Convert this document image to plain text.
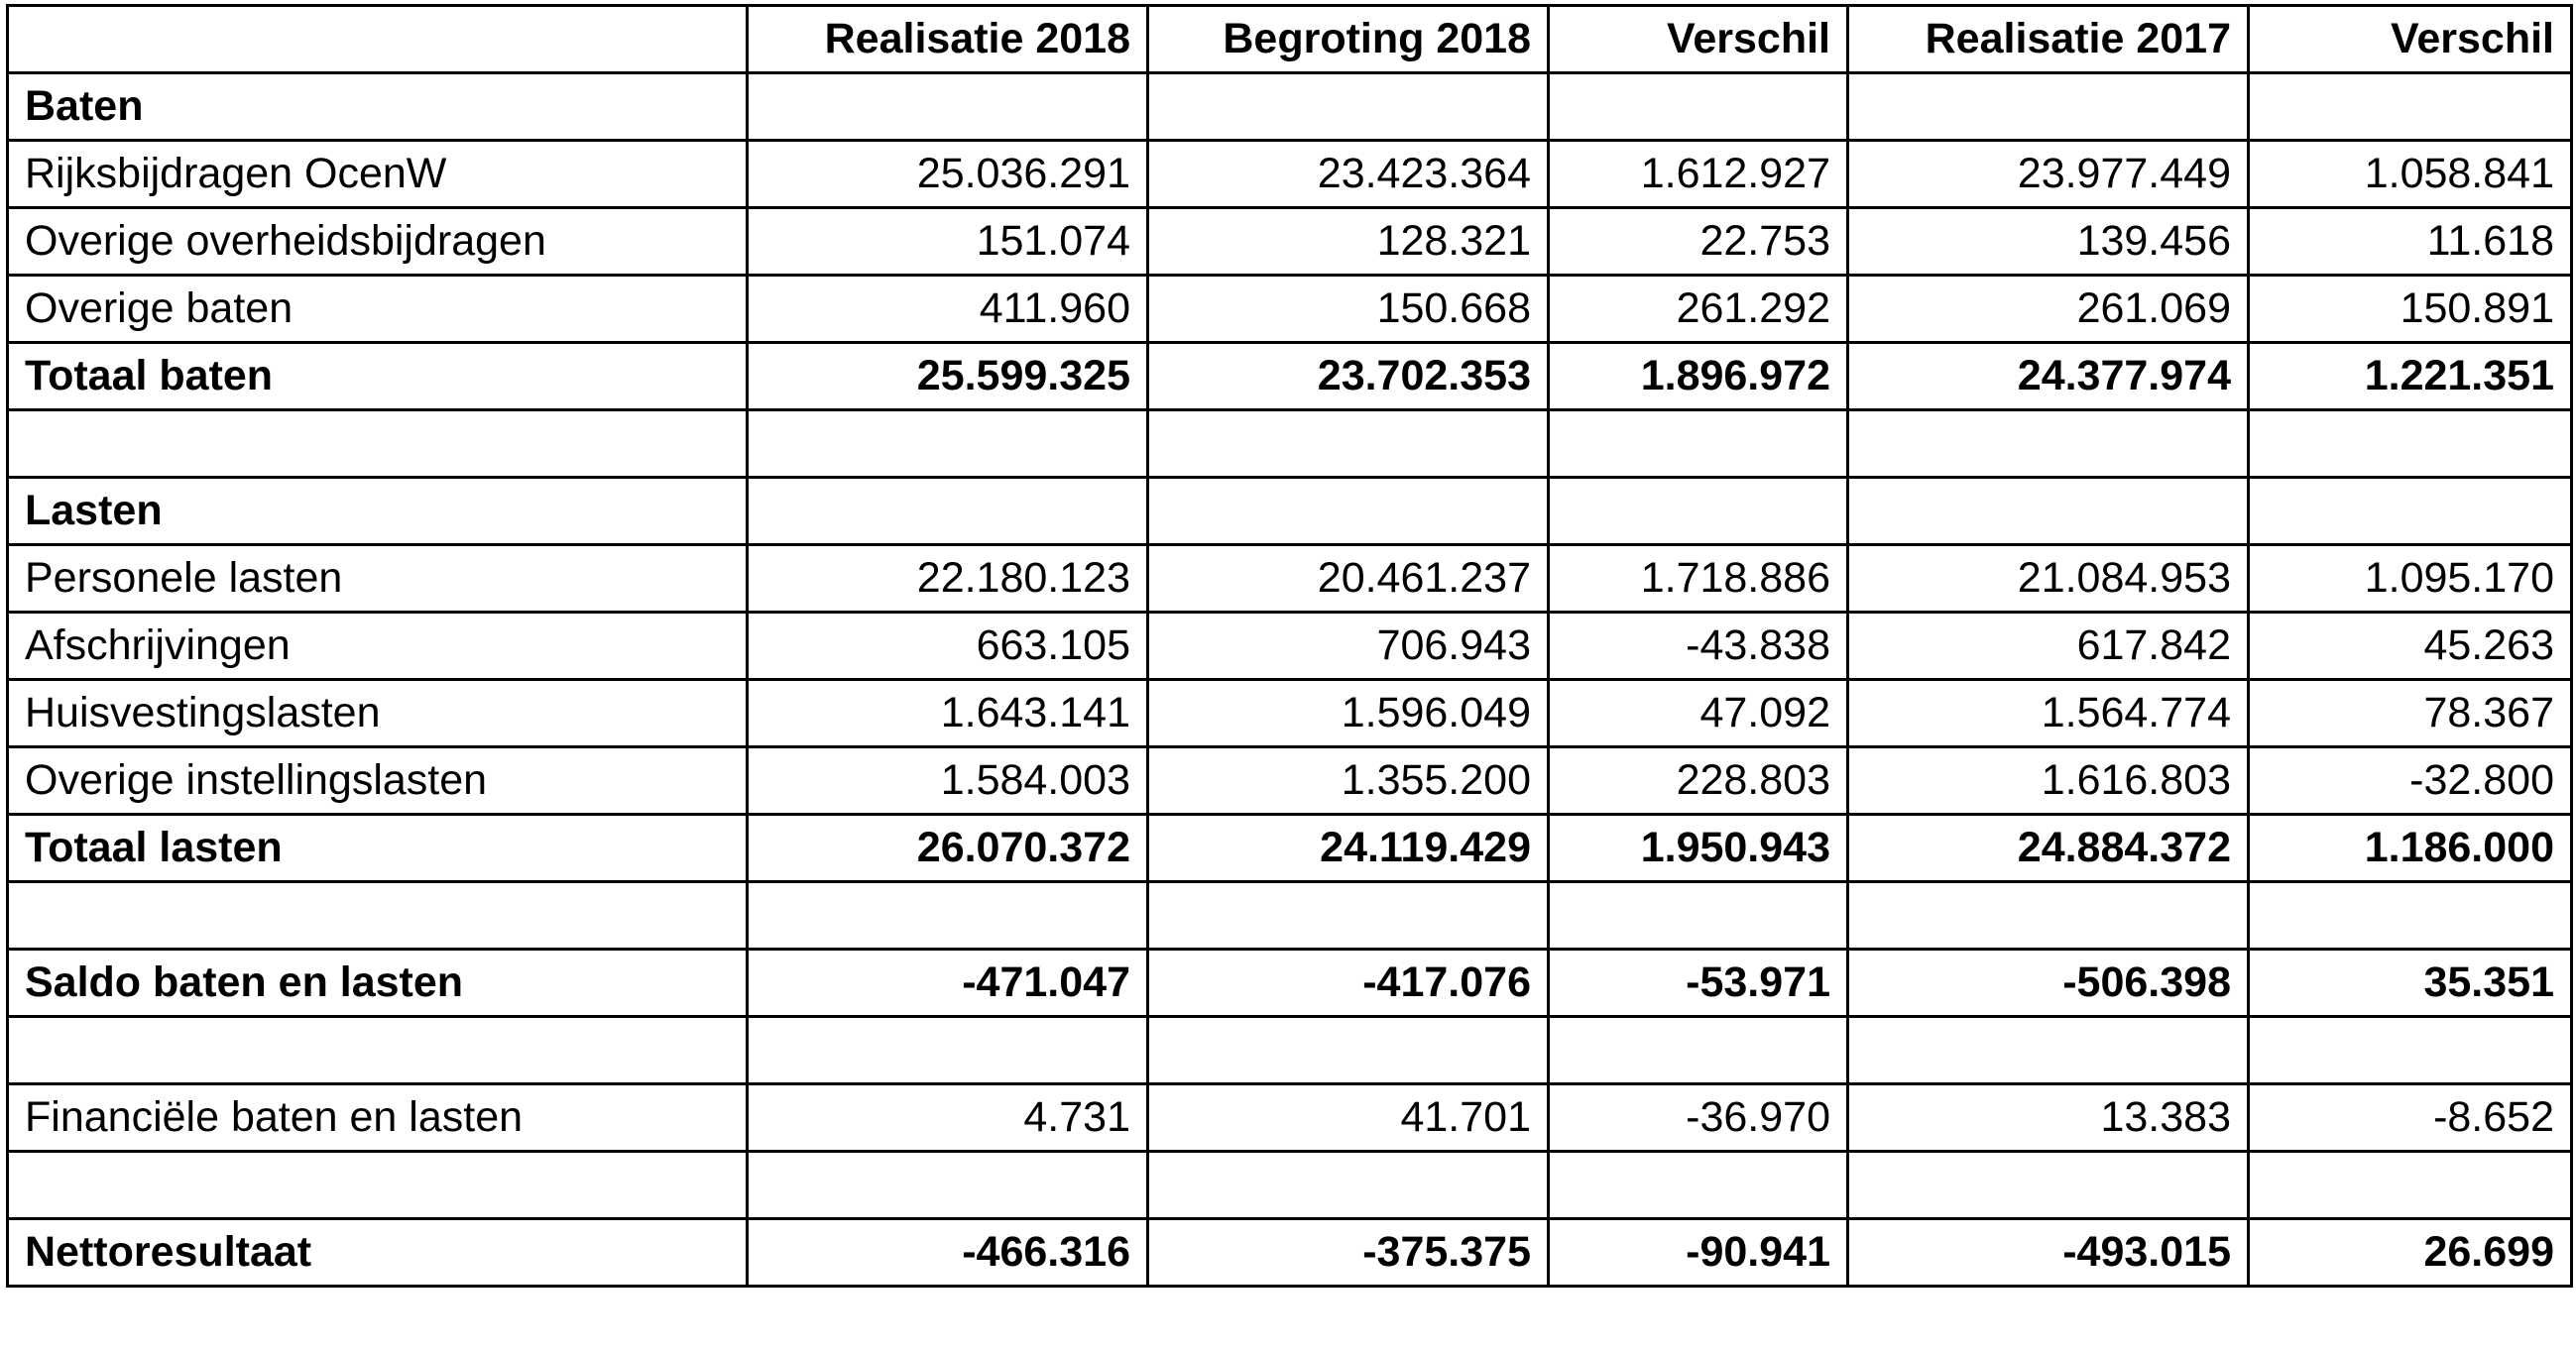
	Realisatie 2018	Begroting 2018	Verschil	Realisatie 2017	Verschil
Baten					
Rijksbijdragen OcenW	25.036.291	23.423.364	1.612.927	23.977.449	1.058.841
Overige overheidsbijdragen	151.074	128.321	22.753	139.456	11.618
Overige baten	411.960	150.668	261.292	261.069	150.891
Totaal baten	25.599.325	23.702.353	1.896.972	24.377.974	1.221.351

Lasten					
Personele lasten	22.180.123	20.461.237	1.718.886	21.084.953	1.095.170
Afschrijvingen	663.105	706.943	-43.838	617.842	45.263
Huisvestingslasten	1.643.141	1.596.049	47.092	1.564.774	78.367
Overige instellingslasten	1.584.003	1.355.200	228.803	1.616.803	-32.800
Totaal lasten	26.070.372	24.119.429	1.950.943	24.884.372	1.186.000

Saldo baten en lasten	-471.047	-417.076	-53.971	-506.398	35.351

Financiële baten en lasten	4.731	41.701	-36.970	13.383	-8.652

Nettoresultaat	-466.316	-375.375	-90.941	-493.015	26.699
